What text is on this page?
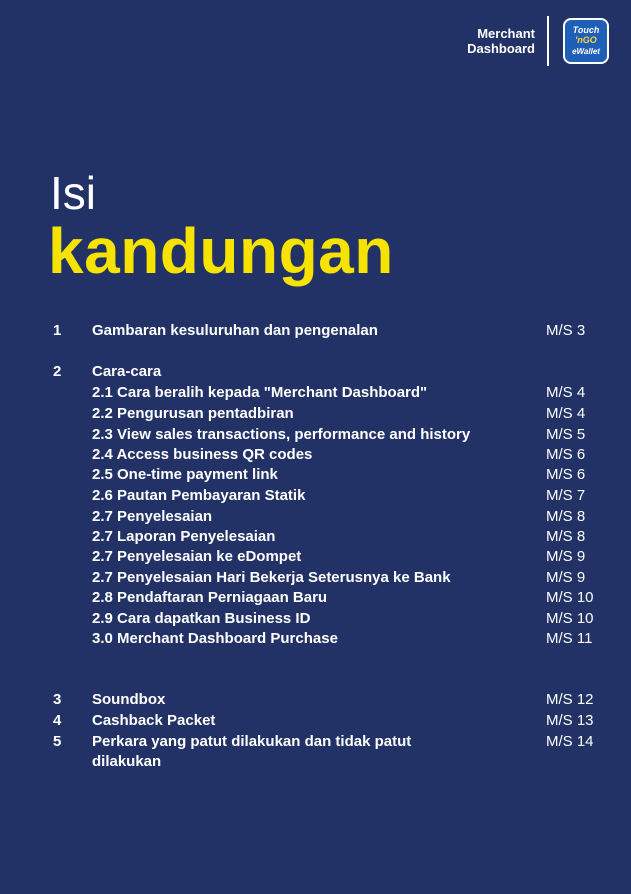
Merchant
Dashboard
Touch
'nGO
eWallet
Isi
kandungan
1 Gambaran kesuluruhan dan pengenalan	M/S 3
2 Cara-cara
2.1 Cara beralih kepada "Merchant Dashboard"	M/S 4
2.2 Pengurusan pentadbiran	M/S 4
2.3 View sales transactions, performance and history	M/S 5
2.4 Access business QR codes	M/S 6
2.5 One-time payment link	M/S 6
2.6 Pautan Pembayaran Statik	M/S 7
2.7 Penyelesaian	M/S 8
2.7 Laporan Penyelesaian	M/S 8
2.7 Penyelesaian ke eDompet	M/S 9
2.7 Penyelesaian Hari Bekerja Seterusnya ke Bank	M/S 9
2.8 Pendaftaran Perniagaan Baru	M/S 10
2.9 Cara dapatkan Business ID	M/S 10
3.0 Merchant Dashboard Purchase	M/S 11
3 Soundbox	M/S 12
4 Cashback Packet	M/S 13
5 Perkara yang patut dilakukan dan tidak patut	M/S 14
dilakukan
